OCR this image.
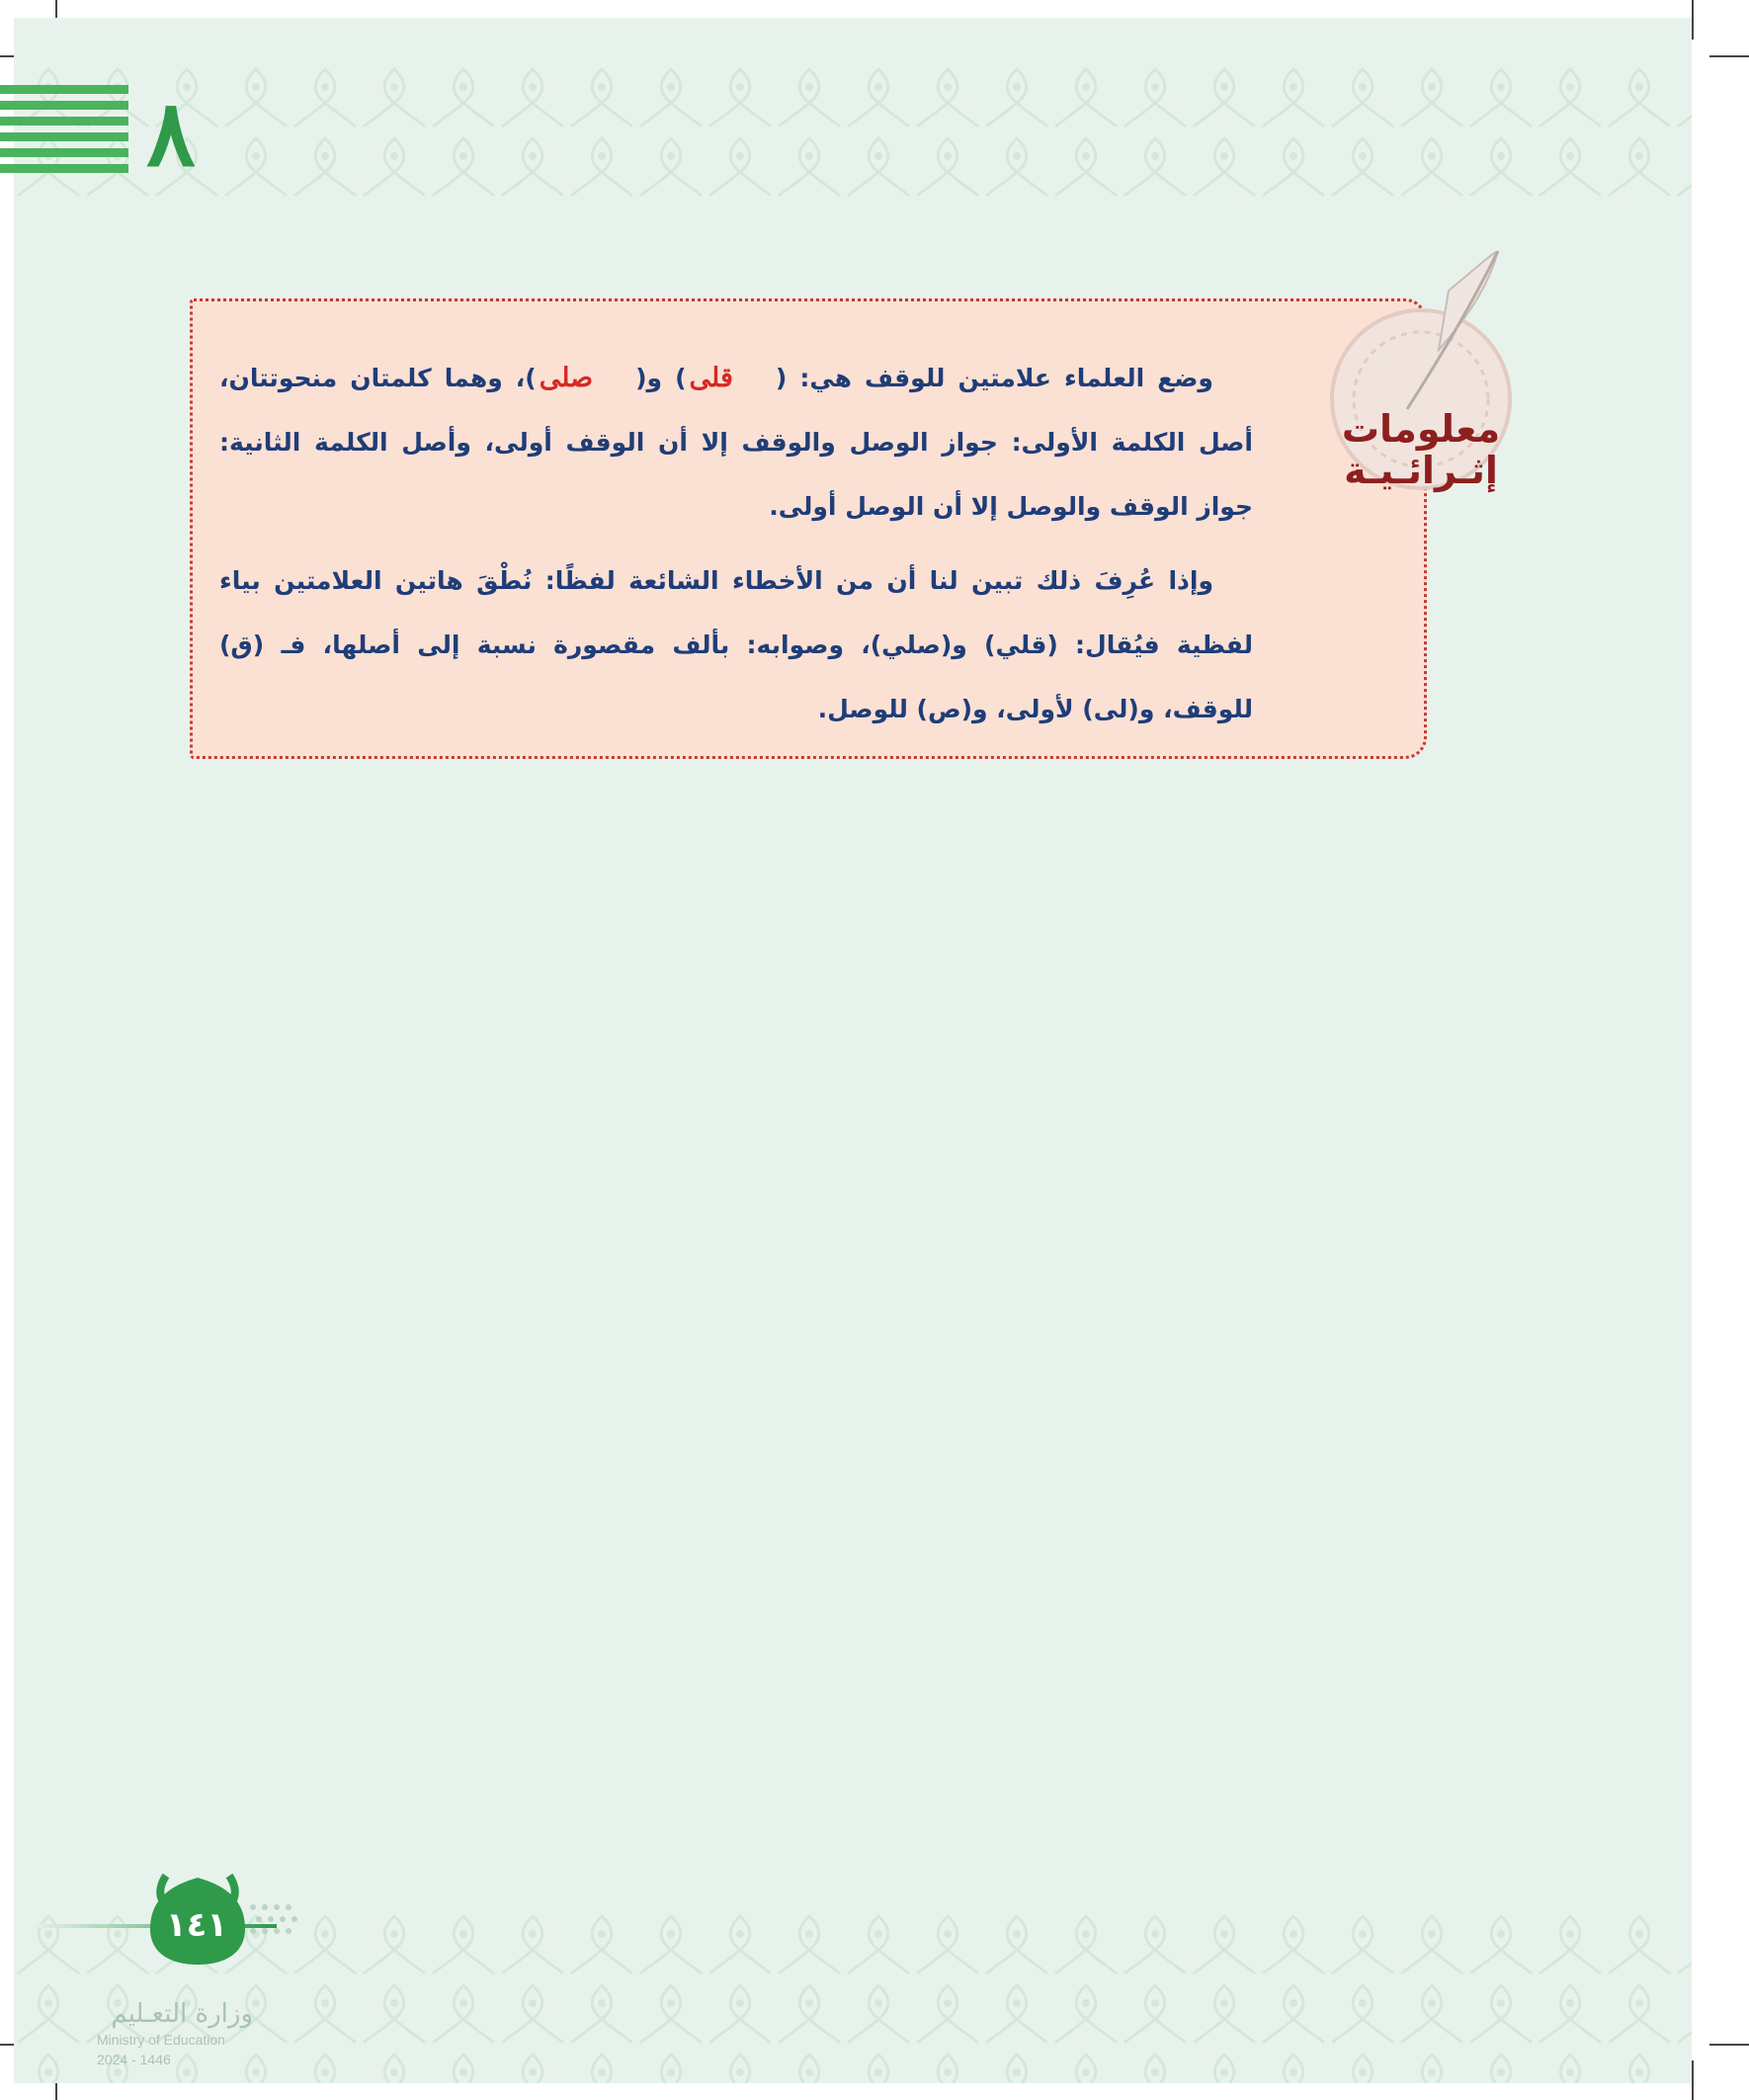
٨
معلومات
إثـرائـيـة

وضع العلماء علامتين للوقف هي: (قلى) و(صلى)، وهما كلمتان منحوتتان، أصل الكلمة الأولى: جواز الوصل والوقف إلا أن الوقف أولى، وأصل الكلمة الثانية: جواز الوقف والوصل إلا أن الوصل أولى.

وإذا عُرِفَ ذلك تبين لنا أن من الأخطاء الشائعة لفظًا: نُطْقَ هاتين العلامتين بياء لفظية فيُقال: (قلي) و(صلي)، وصوابه: بألف مقصورة نسبة إلى أصلها، فـ (ق) للوقف، و(لى) لأولى، و(ص) للوصل.

١٤١
وزارة التعـليم
Ministry of Education
2024 - 1446
